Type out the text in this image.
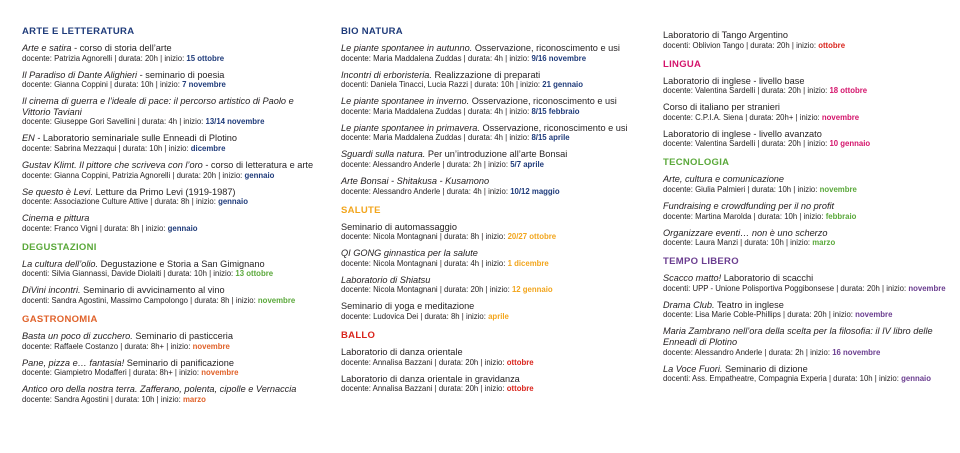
ARTE E LETTERATURA
Arte e satira - corso di storia dell’arte
docente: Patrizia Agnorelli | durata: 20h | inizio: 15 ottobre
Il Paradiso di Dante Alighieri - seminario di poesia
docente: Gianna Coppini | durata: 10h | inizio: 7 novembre
Il cinema di guerra e l’ideale di pace: il percorso artistico di Paolo e Vittorio Taviani
docente: Giuseppe Gori Savellini | durata: 4h | inizio: 13/14 novembre
EN - Laboratorio seminariale sulle Enneadi di Plotino
docente: Sabrina Mezzaqui | durata: 10h | inizio: dicembre
Gustav Klimt. Il pittore che scriveva con l’oro - corso di letteratura e arte
docente: Gianna Coppini, Patrizia Agnorelli | durata: 20h | inizio: gennaio
Se questo è Levi. Letture da Primo Levi (1919-1987)
docente: Associazione Culture Attive | durata: 8h | inizio: gennaio
Cinema e pittura
docente: Franco Vigni | durata: 8h | inizio: gennaio
DEGUSTAZIONI
La cultura dell’olio. Degustazione e Storia a San Gimignano
docenti: Silvia Giannassi, Davide Diolaiti | durata: 10h | inizio: 13 ottobre
DiVini incontri. Seminario di avvicinamento al vino
docenti: Sandra Agostini, Massimo Campolongo | durata: 8h | inizio: novembre
GASTRONOMIA
Basta un poco di zucchero. Seminario di pasticceria
docente: Raffaele Costanzo | durata: 8h+ | inizio: novembre
Pane, pizza e… fantasia! Seminario di panificazione
docente: Giampietro Modafferi | durata: 8h+ | inizio: novembre
Antico oro della nostra terra. Zafferano, polenta, cipolle e Vernaccia
docente: Sandra Agostini | durata: 10h | inizio: marzo
BIO NATURA
Le piante spontanee in autunno. Osservazione, riconoscimento e usi
docente: Maria Maddalena Zuddas | durata: 4h | inizio: 9/16 novembre
Incontri di erboristeria. Realizzazione di preparati
docenti: Daniela Tinacci, Lucia Razzi | durata: 10h | inizio: 21 gennaio
Le piante spontanee in inverno. Osservazione, riconoscimento e usi
docente: Maria Maddalena Zuddas | durata: 4h | inizio: 8/15 febbraio
Le piante spontanee in primavera. Osservazione, riconoscimento e usi
docente: Maria Maddalena Zuddas | durata: 4h | inizio: 8/15 aprile
Sguardi sulla natura. Per un’introduzione all’arte Bonsai
docente: Alessandro Anderle | durata: 2h | inizio: 5/7 aprile
Arte Bonsai - Shitakusa - Kusamono
docente: Alessandro Anderle | durata: 4h | inizio: 10/12 maggio
SALUTE
Seminario di automassaggio
docente: Nicola Montagnani | durata: 8h | inizio: 20/27 ottobre
QI GONG ginnastica per la salute
docente: Nicola Montagnani | durata: 4h | inizio: 1 dicembre
Laboratorio di Shiatsu
docente: Nicola Montagnani | durata: 20h | inizio: 12 gennaio
Seminario di yoga e meditazione
docente: Ludovica Dei | durata: 8h | inizio: aprile
BALLO
Laboratorio di danza orientale
docente: Annalisa Bazzani | durata: 20h | inizio: ottobre
Laboratorio di danza orientale in gravidanza
docente: Annalisa Bazzani | durata: 20h | inizio: ottobre
Laboratorio di Tango Argentino
docenti: Oblivion Tango | durata: 20h | inizio: ottobre
LINGUA
Laboratorio di inglese - livello base
docente: Valentina Sardelli | durata: 20h | inizio: 18 ottobre
Corso di italiano per stranieri
docente: C.P.I.A. Siena | durata: 20h+ | inizio: novembre
Laboratorio di inglese - livello avanzato
docente: Valentina Sardelli | durata: 20h | inizio: 10 gennaio
TECNOLOGIA
Arte, cultura e comunicazione
docente: Giulia Palmieri | durata: 10h | inizio: novembre
Fundraising e crowdfunding per il no profit
docente: Martina Marolda | durata: 10h | inizio: febbraio
Organizzare eventi… non è uno scherzo
docente: Laura Manzi | durata: 10h | inizio: marzo
TEMPO LIBERO
Scacco matto! Laboratorio di scacchi
docenti: UPP - Unione Polisportiva Poggibonsese | durata: 20h | inizio: novembre
Drama Club. Teatro in inglese
docente: Lisa Marie Coble-Phillips | durata: 20h | inizio: novembre
Maria Zambrano nell’ora della scelta per la filosofia: il IV libro delle Enneadi di Plotino
docente: Alessandro Anderle | durata: 2h | inizio: 16 novembre
La Voce Fuori. Seminario di dizione
docenti: Ass. Empatheatre, Compagnia Experia | durata: 10h | inizio: gennaio
